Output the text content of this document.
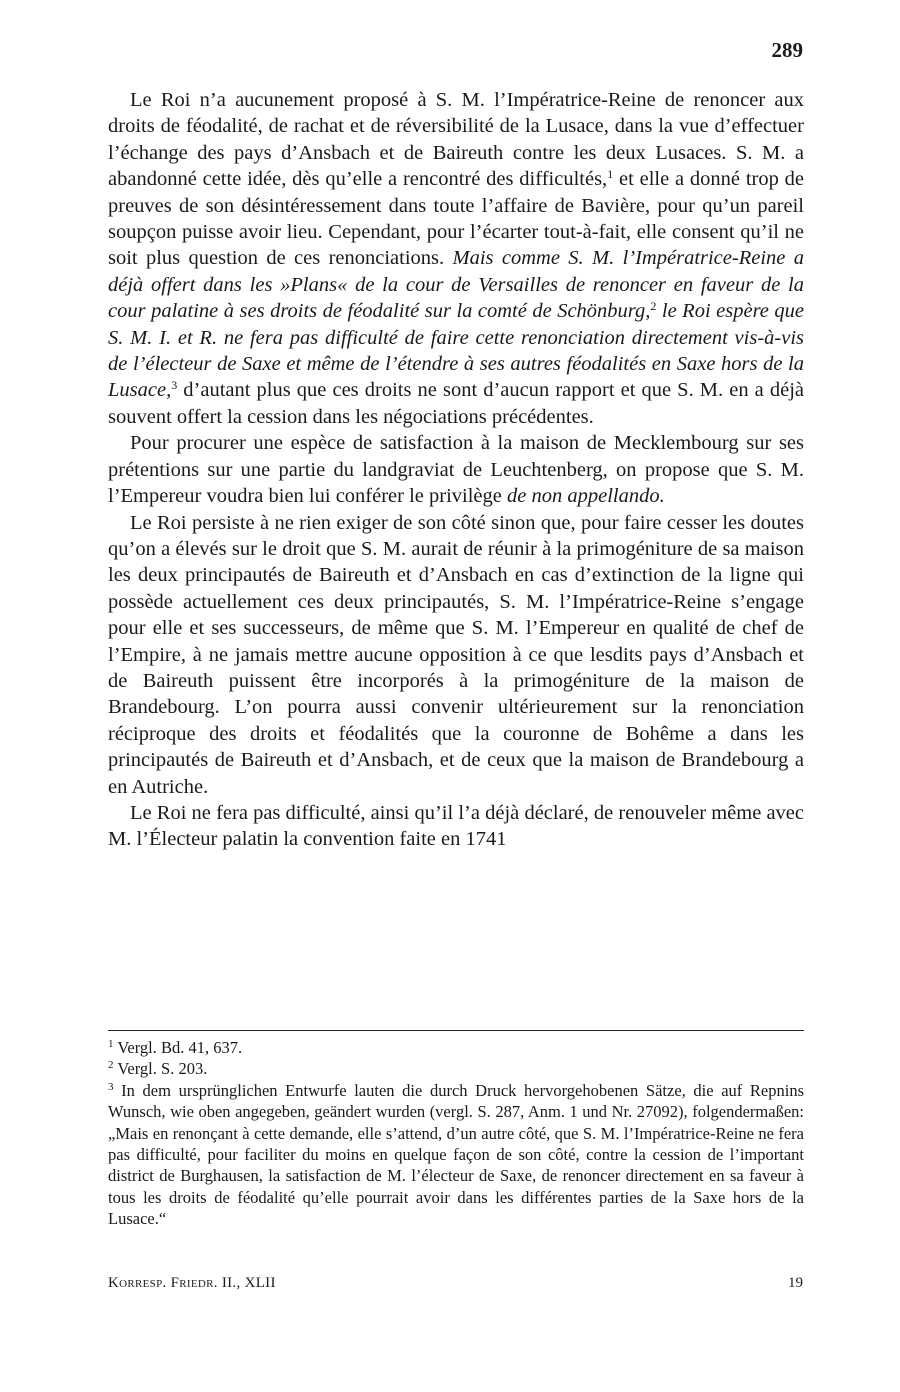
289

Le Roi n’a aucunement proposé à S. M. l’Impératrice-Reine de renoncer aux droits de féodalité, de rachat et de réversibilité de la Lusace, dans la vue d’effectuer l’échange des pays d’Ansbach et de Baireuth contre les deux Lusaces. S. M. a abandonné cette idée, dès qu’elle a rencontré des difficultés,$^1$ et elle a donné trop de preuves de son désintéressement dans toute l’affaire de Bavière, pour qu’un pareil soupçon puisse avoir lieu. Cependant, pour l’écarter tout-à-fait, elle consent qu’il ne soit plus question de ces renonciations. Mais comme S. M. l’Impératrice-Reine a déjà offert dans les »Plans« de la cour de Versailles de renoncer en faveur de la cour palatine à ses droits de féodalité sur la comté de Schönburg,$^2$ le Roi espère que S. M. I. et R. ne fera pas difficulté de faire cette renonciation directement vis-à-vis de l’électeur de Saxe et même de l’étendre à ses autres féodalités en Saxe hors de la Lusace,$^3$ d’autant plus que ces droits ne sont d’aucun rapport et que S. M. en a déjà souvent offert la cession dans les négociations précédentes.

Pour procurer une espèce de satisfaction à la maison de Mecklembourg sur ses prétentions sur une partie du landgraviat de Leuchtenberg, on propose que S. M. l’Empereur voudra bien lui conférer le privilège de non appellando.

Le Roi persiste à ne rien exiger de son côté sinon que, pour faire cesser les doutes qu’on a élevés sur le droit que S. M. aurait de réunir à la primogéniture de sa maison les deux principautés de Baireuth et d’Ansbach en cas d’extinction de la ligne qui possède actuellement ces deux principautés, S. M. l’Impératrice-Reine s’engage pour elle et ses successeurs, de même que S. M. l’Empereur en qualité de chef de l’Empire, à ne jamais mettre aucune opposition à ce que lesdits pays d’Ansbach et de Baireuth puissent être incorporés à la primogéniture de la maison de Brandebourg. L’on pourra aussi convenir ultérieurement sur la renonciation réciproque des droits et féodalités que la couronne de Bohême a dans les principautés de Baireuth et d’Ansbach, et de ceux que la maison de Brandebourg a en Autriche.

Le Roi ne fera pas difficulté, ainsi qu’il l’a déjà déclaré, de renouveler même avec M. l’Électeur palatin la convention faite en 1741

$^1$ Vergl. Bd. 41, 637.

$^2$ Vergl. S. 203.

$^3$ In dem ursprünglichen Entwurfe lauten die durch Druck hervorgehobenen Sätze, die auf Repnins Wunsch, wie oben angegeben, geändert wurden (vergl. S. 287, Anm. 1 und Nr. 27092), folgendermaßen: „Mais en renonçant à cette demande, elle s’attend, d’un autre côté, que S. M. l’Impératrice-Reine ne fera pas difficulté, pour faciliter du moins en quelque façon de son côté, contre la cession de l’important district de Burghausen, la satisfaction de M. l’électeur de Saxe, de renoncer directement en sa faveur à tous les droits de féodalité qu’elle pourrait avoir dans les différentes parties de la Saxe hors de la Lusace.“

Korresp. Friedr. II., XLII	19
